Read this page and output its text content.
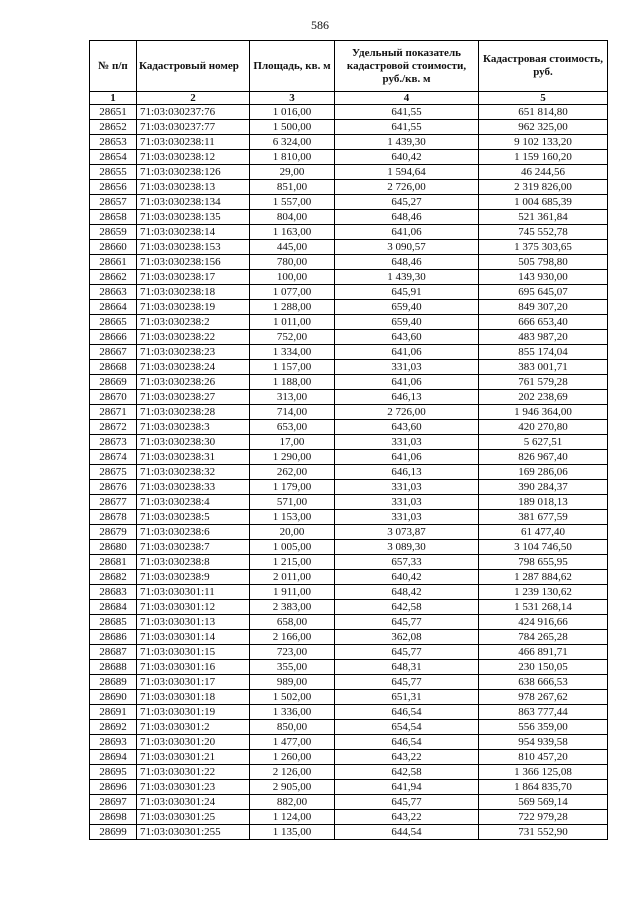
586
№ п/п	Кадастровый номер	Площадь, кв. м	Удельный показатель кадастровой стоимости, руб./кв. м	Кадастровая стоимость, руб.
1	2	3	4	5
28651	71:03:030237:76	1 016,00	641,55	651 814,80
28652	71:03:030237:77	1 500,00	641,55	962 325,00
28653	71:03:030238:11	6 324,00	1 439,30	9 102 133,20
28654	71:03:030238:12	1 810,00	640,42	1 159 160,20
28655	71:03:030238:126	29,00	1 594,64	46 244,56
28656	71:03:030238:13	851,00	2 726,00	2 319 826,00
28657	71:03:030238:134	1 557,00	645,27	1 004 685,39
28658	71:03:030238:135	804,00	648,46	521 361,84
28659	71:03:030238:14	1 163,00	641,06	745 552,78
28660	71:03:030238:153	445,00	3 090,57	1 375 303,65
28661	71:03:030238:156	780,00	648,46	505 798,80
28662	71:03:030238:17	100,00	1 439,30	143 930,00
28663	71:03:030238:18	1 077,00	645,91	695 645,07
28664	71:03:030238:19	1 288,00	659,40	849 307,20
28665	71:03:030238:2	1 011,00	659,40	666 653,40
28666	71:03:030238:22	752,00	643,60	483 987,20
28667	71:03:030238:23	1 334,00	641,06	855 174,04
28668	71:03:030238:24	1 157,00	331,03	383 001,71
28669	71:03:030238:26	1 188,00	641,06	761 579,28
28670	71:03:030238:27	313,00	646,13	202 238,69
28671	71:03:030238:28	714,00	2 726,00	1 946 364,00
28672	71:03:030238:3	653,00	643,60	420 270,80
28673	71:03:030238:30	17,00	331,03	5 627,51
28674	71:03:030238:31	1 290,00	641,06	826 967,40
28675	71:03:030238:32	262,00	646,13	169 286,06
28676	71:03:030238:33	1 179,00	331,03	390 284,37
28677	71:03:030238:4	571,00	331,03	189 018,13
28678	71:03:030238:5	1 153,00	331,03	381 677,59
28679	71:03:030238:6	20,00	3 073,87	61 477,40
28680	71:03:030238:7	1 005,00	3 089,30	3 104 746,50
28681	71:03:030238:8	1 215,00	657,33	798 655,95
28682	71:03:030238:9	2 011,00	640,42	1 287 884,62
28683	71:03:030301:11	1 911,00	648,42	1 239 130,62
28684	71:03:030301:12	2 383,00	642,58	1 531 268,14
28685	71:03:030301:13	658,00	645,77	424 916,66
28686	71:03:030301:14	2 166,00	362,08	784 265,28
28687	71:03:030301:15	723,00	645,77	466 891,71
28688	71:03:030301:16	355,00	648,31	230 150,05
28689	71:03:030301:17	989,00	645,77	638 666,53
28690	71:03:030301:18	1 502,00	651,31	978 267,62
28691	71:03:030301:19	1 336,00	646,54	863 777,44
28692	71:03:030301:2	850,00	654,54	556 359,00
28693	71:03:030301:20	1 477,00	646,54	954 939,58
28694	71:03:030301:21	1 260,00	643,22	810 457,20
28695	71:03:030301:22	2 126,00	642,58	1 366 125,08
28696	71:03:030301:23	2 905,00	641,94	1 864 835,70
28697	71:03:030301:24	882,00	645,77	569 569,14
28698	71:03:030301:25	1 124,00	643,22	722 979,28
28699	71:03:030301:255	1 135,00	644,54	731 552,90
